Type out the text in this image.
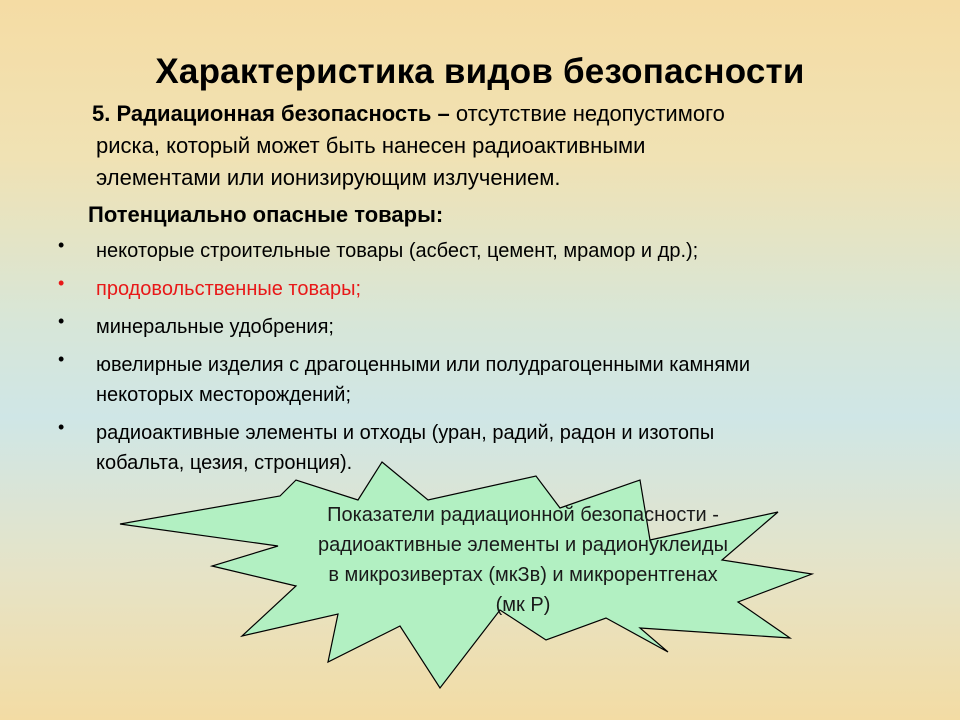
Характеристика видов безопасности
5. Радиационная безопасность – отсутствие недопустимого
риска, который может быть нанесен радиоактивными
элементами или ионизирующим излучением.
Потенциально опасные товары:
• некоторые строительные товары (асбест, цемент, мрамор и др.);
• продовольственные товары;
• минеральные удобрения;
• ювелирные изделия с драгоценными или полудрагоценными камнями
некоторых месторождений;
• радиоактивные элементы и отходы (уран, радий, радон и изотопы
кобальта, цезия, стронция).
Показатели радиационной безопасности -
радиоактивные элементы и радионуклеиды
в микрозивертах (мкЗв) и микрорентгенах
(мк Р)
